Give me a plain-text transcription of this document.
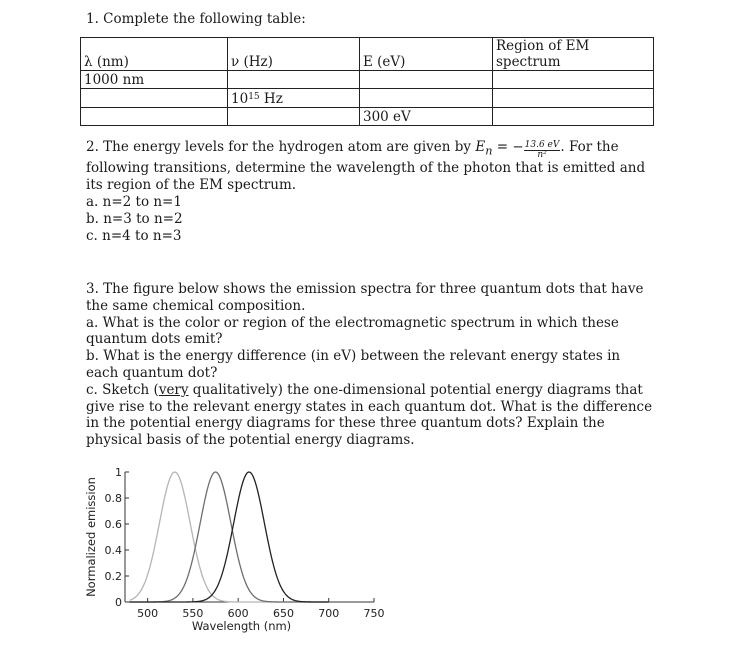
1. Complete the following table:
λ (nm)	ν (Hz)	E (eV)	Region of EM spectrum
1000 nm			
	$10^{15}$ Hz		
		300 eV	
2. The energy levels for the hydrogen atom are given by $E_n$ = − $\frac{13.6 eV}{\text{n²}}$ . For the following transitions, determine the wavelength of the photon that is emitted and its region of the EM spectrum.
a. n=2 to n=1
b. n=3 to n=2
c. n=4 to n=3
3. The figure below shows the emission spectra for three quantum dots that have the same chemical composition.
a. What is the color or region of the electromagnetic spectrum in which these quantum dots emit?
b. What is the energy difference (in eV) between the relevant energy states in each quantum dot?
c. Sketch (very qualitatively) the one-dimensional potential energy diagrams that give rise to the relevant energy states in each quantum dot. What is the difference in the potential energy diagrams for these three quantum dots? Explain the physical basis of the potential energy diagrams.
0
0.2
0.4
0.6
0.8
1
500 550 600 650 700 750
Wavelength (nm)
Normalized emission
